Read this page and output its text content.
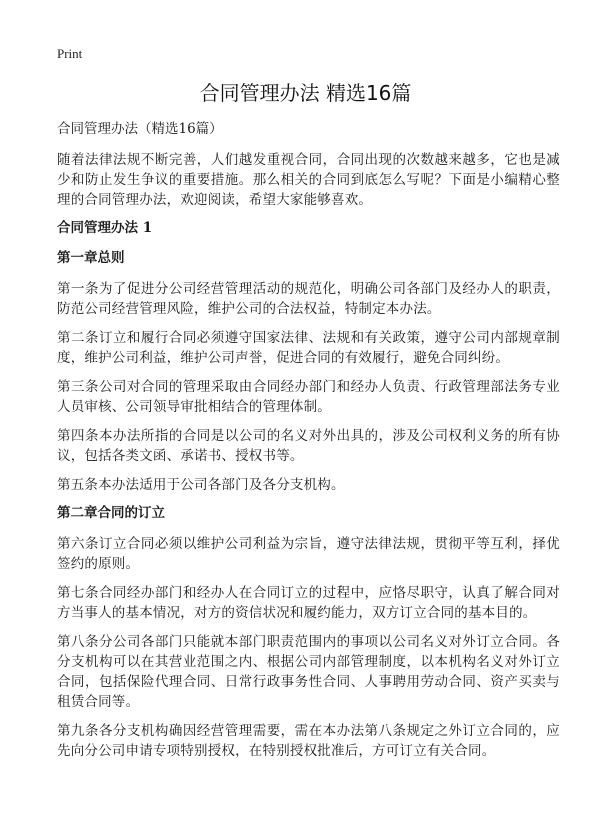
Print

合同管理办法 精选16篇

合同管理办法（精选16篇）

随着法律法规不断完善，人们越发重视合同，合同出现的次数越来越多，它也是减少和防止发生争议的重要措施。那么相关的合同到底怎么写呢？下面是小编精心整理的合同管理办法，欢迎阅读，希望大家能够喜欢。

合同管理办法 1
第一章总则

第一条为了促进分公司经营管理活动的规范化，明确公司各部门及经办人的职责，防范公司经营管理风险，维护公司的合法权益，特制定本办法。

第二条订立和履行合同必须遵守国家法律、法规和有关政策，遵守公司内部规章制度，维护公司利益，维护公司声誉，促进合同的有效履行，避免合同纠纷。

第三条公司对合同的管理采取由合同经办部门和经办人负责、行政管理部法务专业人员审核、公司领导审批相结合的管理体制。

第四条本办法所指的合同是以公司的名义对外出具的，涉及公司权利义务的所有协议，包括各类文函、承诺书、授权书等。

第五条本办法适用于公司各部门及各分支机构。

第二章合同的订立

第六条订立合同必须以维护公司利益为宗旨，遵守法律法规，贯彻平等互利，择优签约的原则。

第七条合同经办部门和经办人在合同订立的过程中，应恪尽职守，认真了解合同对方当事人的基本情况，对方的资信状况和履约能力，双方订立合同的基本目的。

第八条分公司各部门只能就本部门职责范围内的事项以公司名义对外订立合同。各分支机构可以在其营业范围之内、根据公司内部管理制度，以本机构名义对外订立合同，包括保险代理合同、日常行政事务性合同、人事聘用劳动合同、资产买卖与租赁合同等。

第九条各分支机构确因经营管理需要，需在本办法第八条规定之外订立合同的，应先向分公司申请专项特别授权，在特别授权批准后，方可订立有关合同。
